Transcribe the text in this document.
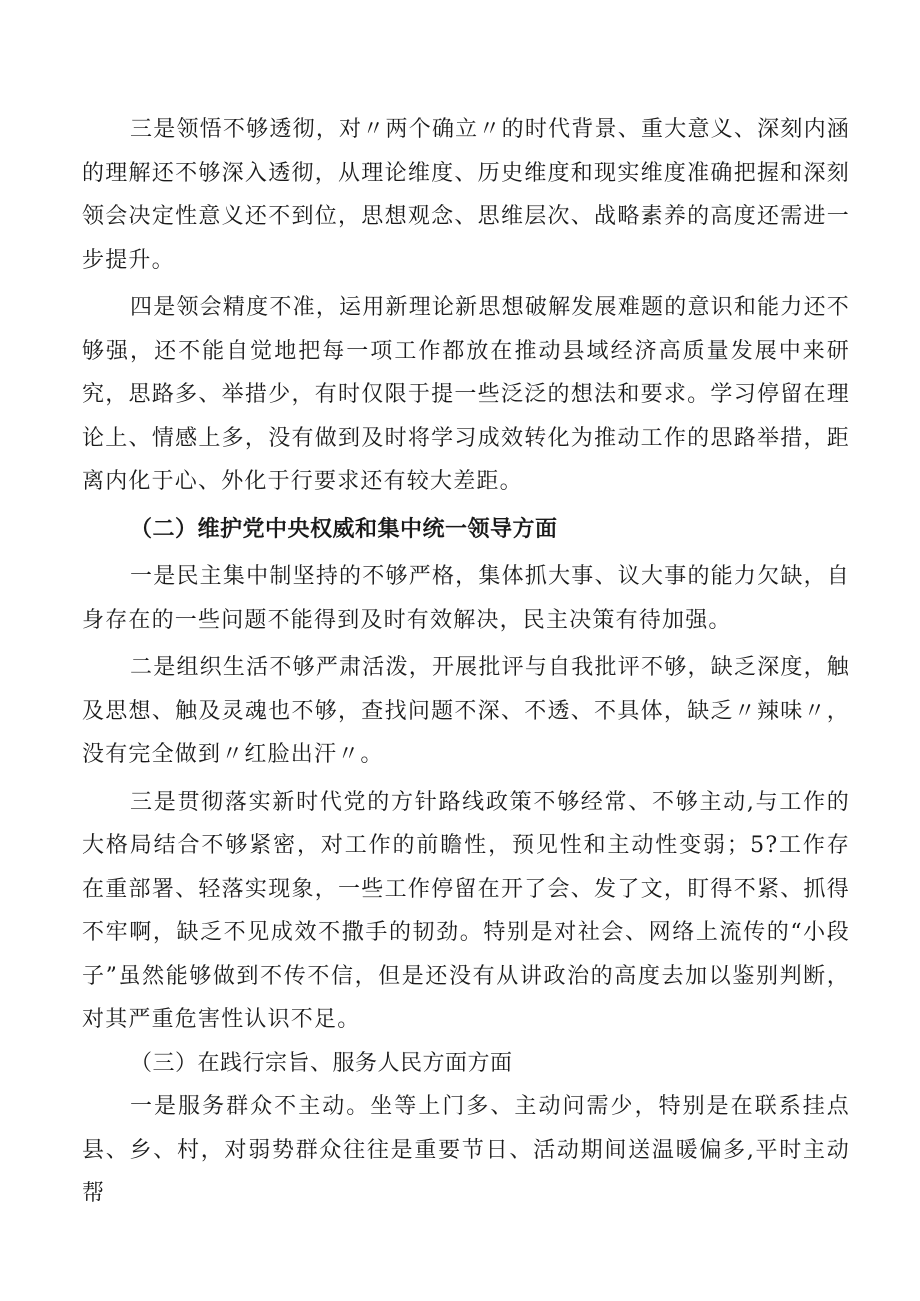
三是领悟不够透彻，对〃两个确立〃的时代背景、重大意义、深刻内涵的理解还不够深入透彻，从理论维度、历史维度和现实维度准确把握和深刻领会决定性意义还不到位，思想观念、思维层次、战略素养的高度还需进一步提升。

四是领会精度不准，运用新理论新思想破解发展难题的意识和能力还不够强，还不能自觉地把每一项工作都放在推动县域经济高质量发展中来研究，思路多、举措少，有时仅限于提一些泛泛的想法和要求。学习停留在理论上、情感上多，没有做到及时将学习成效转化为推动工作的思路举措，距离内化于心、外化于行要求还有较大差距。

（二）维护党中央权威和集中统一领导方面

一是民主集中制坚持的不够严格，集体抓大事、议大事的能力欠缺，自身存在的一些问题不能得到及时有效解决，民主决策有待加强。

二是组织生活不够严肃活泼，开展批评与自我批评不够，缺乏深度，触及思想、触及灵魂也不够，查找问题不深、不透、不具体，缺乏〃辣味〃，没有完全做到〃红脸出汗〃。

三是贯彻落实新时代党的方针路线政策不够经常、不够主动,与工作的大格局结合不够紧密，对工作的前瞻性，预见性和主动性变弱；5?工作存在重部署、轻落实现象，一些工作停留在开了会、发了文，盯得不紧、抓得不牢啊，缺乏不见成效不撒手的韧劲。特别是对社会、网络上流传的“小段子”虽然能够做到不传不信，但是还没有从讲政治的高度去加以鉴别判断，对其严重危害性认识不足。

（三）在践行宗旨、服务人民方面方面

一是服务群众不主动。坐等上门多、主动问需少，特别是在联系挂点县、乡、村，对弱势群众往往是重要节日、活动期间送温暖偏多,平时主动帮
